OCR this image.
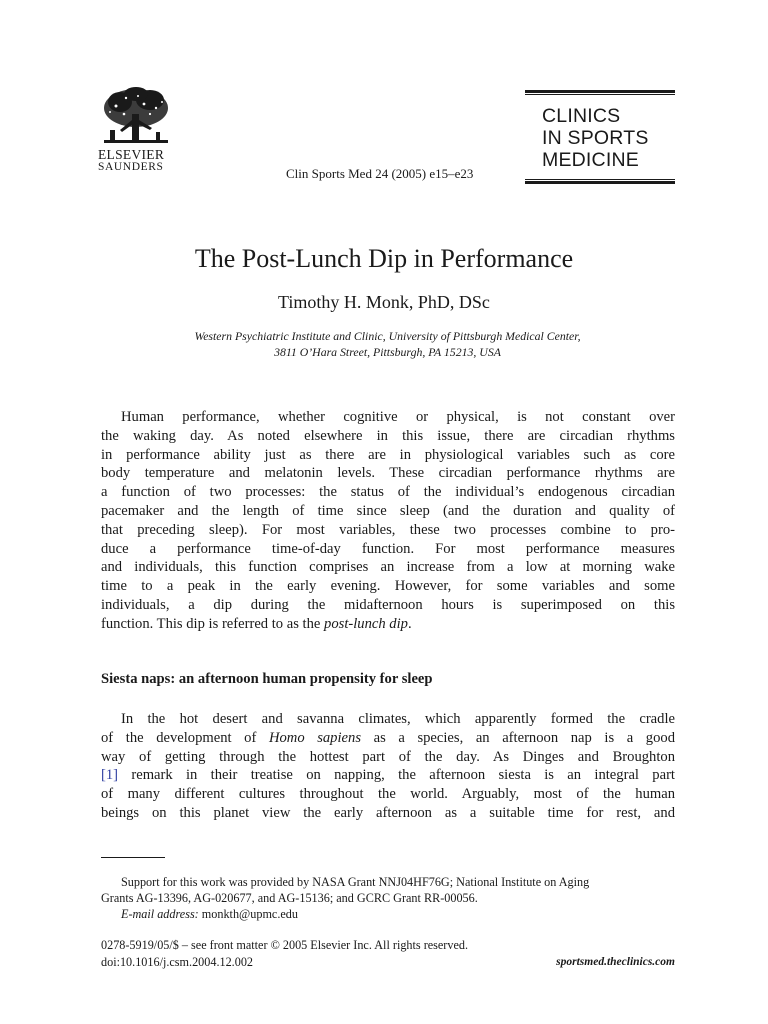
ELSEVIER
SAUNDERS	Clin Sports Med 24 (2005) e15–e23
CLINICS
IN SPORTS
MEDICINE
The Post-Lunch Dip in Performance
Timothy H. Monk, PhD, DSc
Western Psychiatric Institute and Clinic, University of Pittsburgh Medical Center,
3811 O’Hara Street, Pittsburgh, PA 15213, USA
Human performance, whether cognitive or physical, is not constant over
the waking day. As noted elsewhere in this issue, there are circadian rhythms
in performance ability just as there are in physiological variables such as core
body temperature and melatonin levels. These circadian performance rhythms are
a function of two processes: the status of the individual’s endogenous circadian
pacemaker and the length of time since sleep (and the duration and quality of
that preceding sleep). For most variables, these two processes combine to pro-
duce a performance time-of-day function. For most performance measures
and individuals, this function comprises an increase from a low at morning wake
time to a peak in the early evening. However, for some variables and some
individuals, a dip during the midafternoon hours is superimposed on this
function. This dip is referred to as the post-lunch dip.
Siesta naps: an afternoon human propensity for sleep
In the hot desert and savanna climates, which apparently formed the cradle
of the development of Homo sapiens as a species, an afternoon nap is a good
way of getting through the hottest part of the day. As Dinges and Broughton
[1] remark in their treatise on napping, the afternoon siesta is an integral part
of many different cultures throughout the world. Arguably, most of the human
beings on this planet view the early afternoon as a suitable time for rest, and
Support for this work was provided by NASA Grant NNJ04HF76G; National Institute on Aging
Grants AG-13396, AG-020677, and AG-15136; and GCRC Grant RR-00056.
E-mail address: monkth@upmc.edu
0278-5919/05/$ – see front matter © 2005 Elsevier Inc. All rights reserved.
doi:10.1016/j.csm.2004.12.002	sportsmed.theclinics.com
